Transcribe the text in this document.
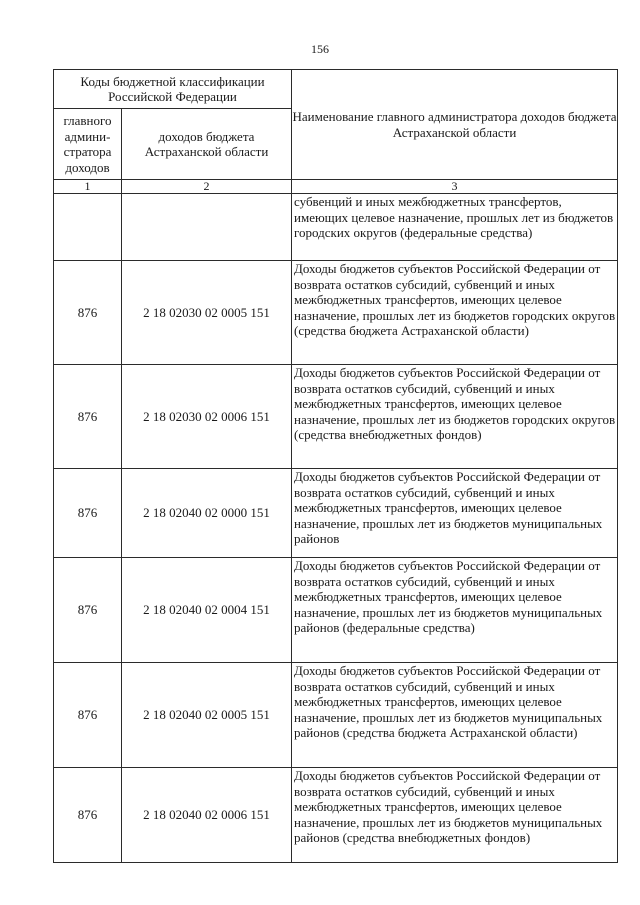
156
Коды бюджетной классификации Российской Федерации		Наименование главного администратора доходов бюджета Астраханской области
главного админи-стратора доходов	доходов бюджета Астраханской области	
1	2	3
		субвенций и иных межбюджетных трансфертов, имеющих целевое назначение, прошлых лет из бюджетов городских округов (федеральные средства)
876	2 18 02030 02 0005 151	Доходы бюджетов субъектов Российской Федерации от возврата остатков субсидий, субвенций и иных межбюджетных трансфертов, имеющих целевое назначение, прошлых лет из бюджетов городских округов (средства бюджета Астраханской области)
876	2 18 02030 02 0006 151	Доходы бюджетов субъектов Российской Федерации от возврата остатков субсидий, субвенций и иных межбюджетных трансфертов, имеющих целевое назначение, прошлых лет из бюджетов городских округов (средства внебюджетных фондов)
876	2 18 02040 02 0000 151	Доходы бюджетов субъектов Российской Федерации от возврата остатков субсидий, субвенций и иных межбюджетных трансфертов, имеющих целевое назначение, прошлых лет из бюджетов муниципальных районов
876	2 18 02040 02 0004 151	Доходы бюджетов субъектов Российской Федерации от возврата остатков субсидий, субвенций и иных межбюджетных трансфертов, имеющих целевое назначение, прошлых лет из бюджетов муниципальных районов (федеральные средства)
876	2 18 02040 02 0005 151	Доходы бюджетов субъектов Российской Федерации от возврата остатков субсидий, субвенций и иных межбюджетных трансфертов, имеющих целевое назначение, прошлых лет из бюджетов муниципальных районов (средства бюджета Астраханской области)
876	2 18 02040 02 0006 151	Доходы бюджетов субъектов Российской Федерации от возврата остатков субсидий, субвенций и иных межбюджетных трансфертов, имеющих целевое назначение, прошлых лет из бюджетов муниципальных районов (средства внебюджетных фондов)
